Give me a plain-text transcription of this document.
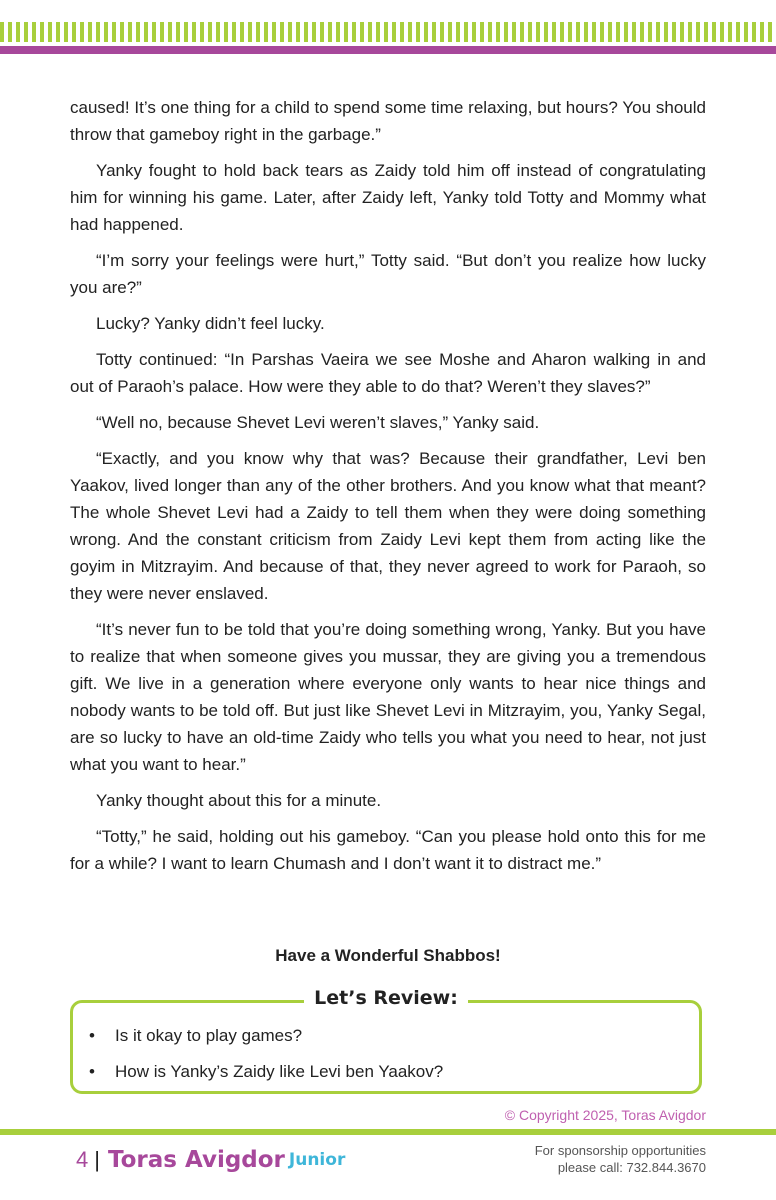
caused! It’s one thing for a child to spend some time relaxing, but hours? You should throw that gameboy right in the garbage.”

Yanky fought to hold back tears as Zaidy told him off instead of congratulating him for winning his game. Later, after Zaidy left, Yanky told Totty and Mommy what had happened.

“I’m sorry your feelings were hurt,” Totty said. “But don’t you realize how lucky you are?”

Lucky? Yanky didn’t feel lucky.

Totty continued: “In Parshas Vaeira we see Moshe and Aharon walking in and out of Paraoh’s palace. How were they able to do that? Weren’t they slaves?”

“Well no, because Shevet Levi weren’t slaves,” Yanky said.

“Exactly, and you know why that was? Because their grandfather, Levi ben Yaakov, lived longer than any of the other brothers. And you know what that meant? The whole Shevet Levi had a Zaidy to tell them when they were doing something wrong. And the constant criticism from Zaidy Levi kept them from acting like the goyim in Mitzrayim. And because of that, they never agreed to work for Paraoh, so they were never enslaved.

“It’s never fun to be told that you’re doing something wrong, Yanky. But you have to realize that when someone gives you mussar, they are giving you a tremendous gift. We live in a generation where everyone only wants to hear nice things and nobody wants to be told off. But just like Shevet Levi in Mitzrayim, you, Yanky Segal, are so lucky to have an old-time Zaidy who tells you what you need to hear, not just what you want to hear.”

Yanky thought about this for a minute.

“Totty,” he said, holding out his gameboy. “Can you please hold onto this for me for a while? I want to learn Chumash and I don’t want it to distract me.”

Have a Wonderful Shabbos!
Let’s Review:
• Is it okay to play games?
• How is Yanky’s Zaidy like Levi ben Yaakov?
© Copyright 2025, Toras Avigdor
4 | Toras Avigdor Junior	For sponsorship opportunities
please call: 732.844.3670
